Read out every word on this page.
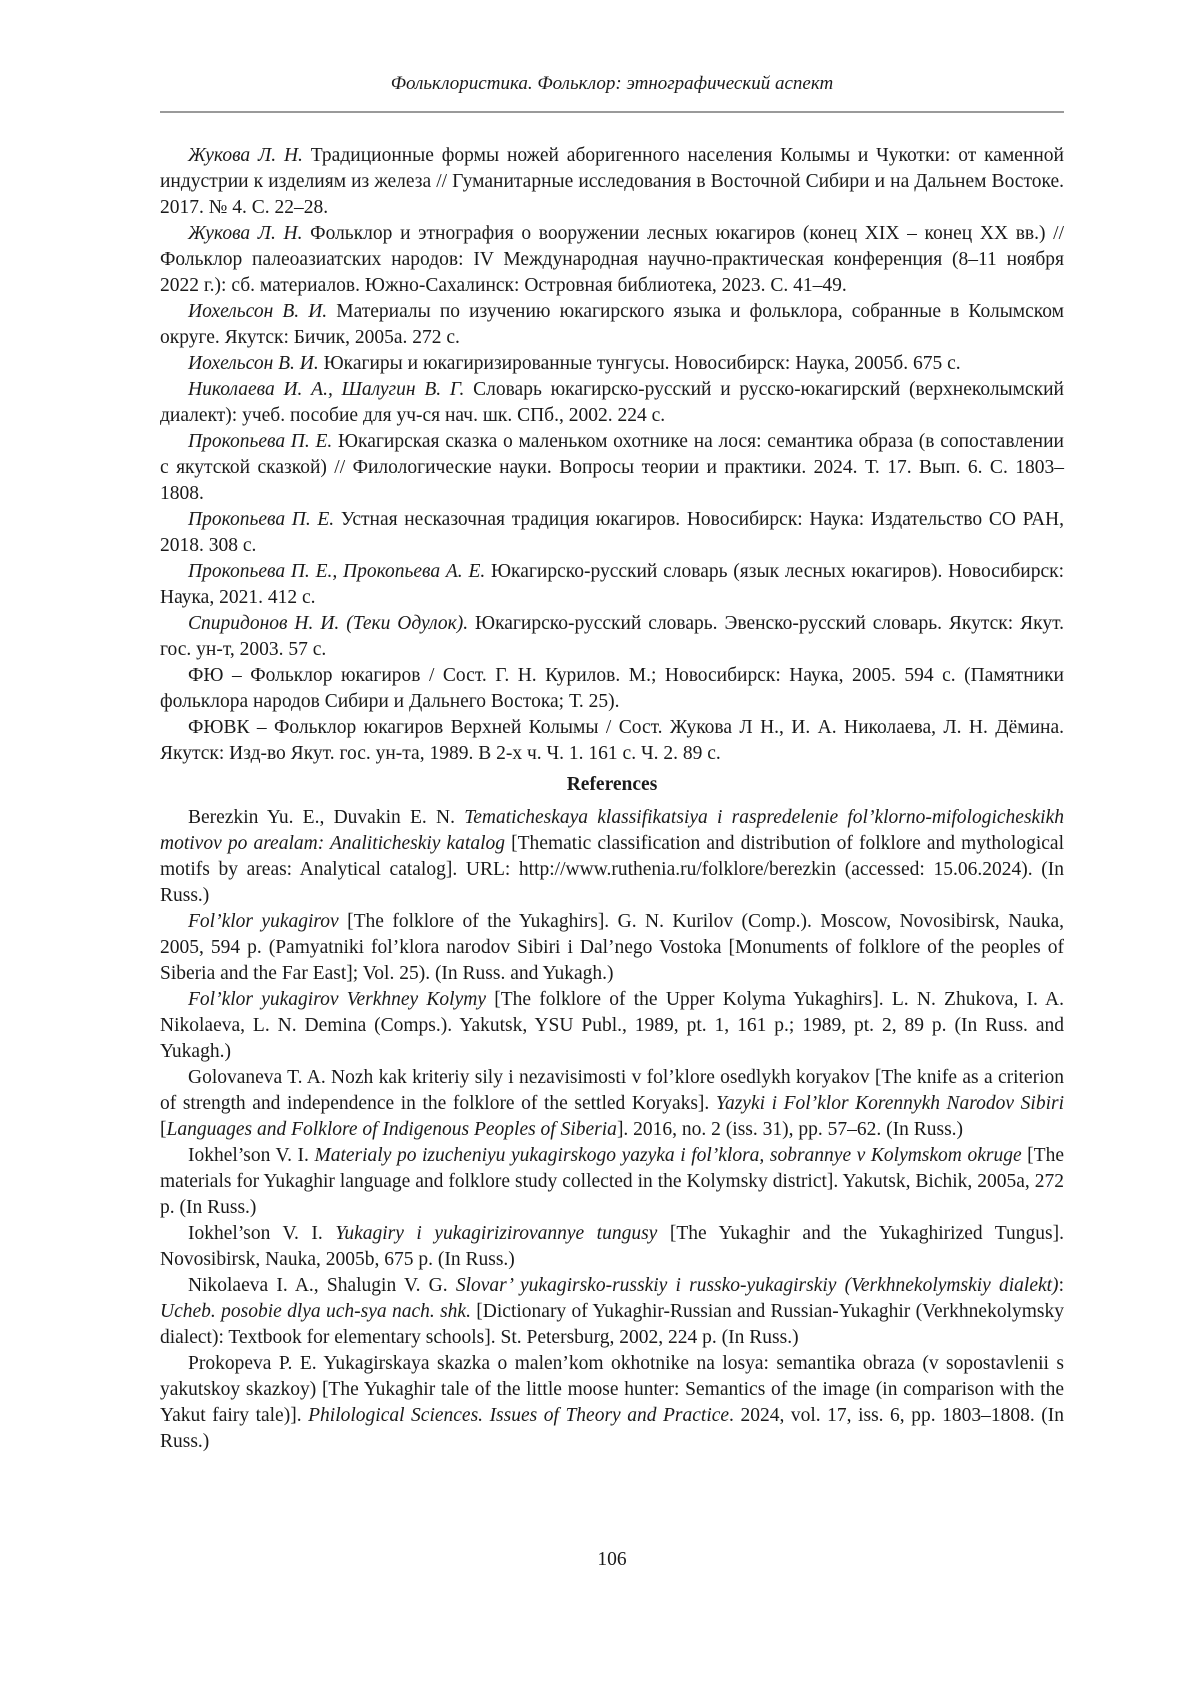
Фольклористика. Фольклор: этнографический аспект

Жукова Л. Н. Традиционные формы ножей аборигенного населения Колымы и Чукотки: от каменной индустрии к изделиям из железа // Гуманитарные исследования в Восточной Сибири и на Дальнем Востоке. 2017. № 4. С. 22–28.

Жукова Л. Н. Фольклор и этнография о вооружении лесных юкагиров (конец XIX – конец XX вв.) // Фольклор палеоазиатских народов: IV Международная научно-практическая конференция (8–11 ноября 2022 г.): сб. материалов. Южно-Сахалинск: Островная библиотека, 2023. С. 41–49.

Иохельсон В. И. Материалы по изучению юкагирского языка и фольклора, собранные в Колымском округе. Якутск: Бичик, 2005а. 272 с.

Иохельсон В. И. Юкагиры и юкагиризированные тунгусы. Новосибирск: Наука, 2005б. 675 с.

Николаева И. А., Шалугин В. Г. Словарь юкагирско-русский и русско-юкагирский (верхнеколымский диалект): учеб. пособие для уч-ся нач. шк. СПб., 2002. 224 с.

Прокопьева П. Е. Юкагирская сказка о маленьком охотнике на лося: семантика образа (в сопоставлении с якутской сказкой) // Филологические науки. Вопросы теории и практики. 2024. Т. 17. Вып. 6. С. 1803–1808.

Прокопьева П. Е. Устная несказочная традиция юкагиров. Новосибирск: Наука: Издательство СО РАН, 2018. 308 с.

Прокопьева П. Е., Прокопьева А. Е. Юкагирско-русский словарь (язык лесных юкагиров). Новосибирск: Наука, 2021. 412 с.

Спиридонов Н. И. (Теки Одулок). Юкагирско-русский словарь. Эвенско-русский словарь. Якутск: Якут. гос. ун-т, 2003. 57 с.

ФЮ – Фольклор юкагиров / Сост. Г. Н. Курилов. М.; Новосибирск: Наука, 2005. 594 с. (Памятники фольклора народов Сибири и Дальнего Востока; Т. 25).

ФЮВК – Фольклор юкагиров Верхней Колымы / Сост. Жукова Л Н., И. А. Николаева, Л. Н. Дёмина. Якутск: Изд-во Якут. гос. ун-та, 1989. В 2-х ч. Ч. 1. 161 с. Ч. 2. 89 с.

References

Berezkin Yu. E., Duvakin E. N. Tematicheskaya klassifikatsiya i raspredelenie fol’klorno-mifologicheskikh motivov po arealam: Analiticheskiy katalog [Thematic classification and distribution of folklore and mythological motifs by areas: Analytical catalog]. URL: http://www.ruthenia.ru/folklore/berezkin (accessed: 15.06.2024). (In Russ.)

Fol’klor yukagirov [The folklore of the Yukaghirs]. G. N. Kurilov (Comp.). Moscow, Novosibirsk, Nauka, 2005, 594 p. (Pamyatniki fol’klora narodov Sibiri i Dal’nego Vostoka [Monuments of folklore of the peoples of Siberia and the Far East]; Vol. 25). (In Russ. and Yukagh.)

Fol’klor yukagirov Verkhney Kolymy [The folklore of the Upper Kolyma Yukaghirs]. L. N. Zhukova, I. A. Nikolaeva, L. N. Demina (Comps.). Yakutsk, YSU Publ., 1989, pt. 1, 161 p.; 1989, pt. 2, 89 p. (In Russ. and Yukagh.)

Golovaneva T. A. Nozh kak kriteriy sily i nezavisimosti v fol’klore osedlykh koryakov [The knife as a criterion of strength and independence in the folklore of the settled Koryaks]. Yazyki i Fol’klor Korennykh Narodov Sibiri [Languages and Folklore of Indigenous Peoples of Siberia]. 2016, no. 2 (iss. 31), pp. 57–62. (In Russ.)

Iokhel’son V. I. Materialy po izucheniyu yukagirskogo yazyka i fol’klora, sobrannye v Kolymskom okruge [The materials for Yukaghir language and folklore study collected in the Kolymsky district]. Yakutsk, Bichik, 2005a, 272 p. (In Russ.)

Iokhel’son V. I. Yukagiry i yukagirizirovannye tungusy [The Yukaghir and the Yukaghirized Tungus]. Novosibirsk, Nauka, 2005b, 675 p. (In Russ.)

Nikolaeva I. A., Shalugin V. G. Slovar’ yukagirsko-russkiy i russko-yukagirskiy (Verkhnekolymskiy dialekt): Ucheb. posobie dlya uch-sya nach. shk. [Dictionary of Yukaghir-Russian and Russian-Yukaghir (Verkhnekolymsky dialect): Textbook for elementary schools]. St. Petersburg, 2002, 224 p. (In Russ.)

Prokopeva P. E. Yukagirskaya skazka o malen’kom okhotnike na losya: semantika obraza (v sopostavlenii s yakutskoy skazkoy) [The Yukaghir tale of the little moose hunter: Semantics of the image (in comparison with the Yakut fairy tale)]. Philological Sciences. Issues of Theory and Practice. 2024, vol. 17, iss. 6, pp. 1803–1808. (In Russ.)

106
